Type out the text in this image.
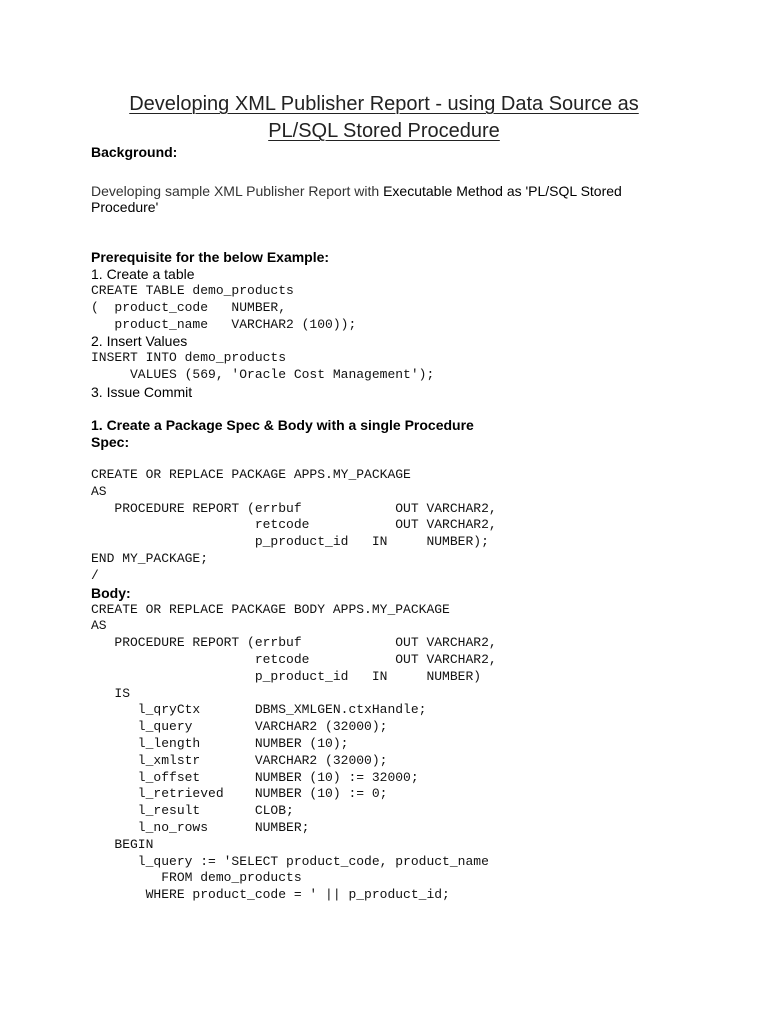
Developing XML Publisher Report - using Data Source as
PL/SQL Stored Procedure

Background:

Developing sample XML Publisher Report with Executable Method as 'PL/SQL Stored
Procedure'

Prerequisite for the below Example:

1. Create a table

CREATE TABLE demo_products
(  product_code   NUMBER,
product_name   VARCHAR2 (100));

2. Insert Values

INSERT INTO demo_products
VALUES (569, 'Oracle Cost Management');

3. Issue Commit

1. Create a Package Spec & Body with a single Procedure
Spec:

CREATE OR REPLACE PACKAGE APPS.MY_PACKAGE
AS
PROCEDURE REPORT (errbuf            OUT VARCHAR2,
retcode           OUT VARCHAR2,
p_product_id   IN     NUMBER);
END MY_PACKAGE;
/

Body:

CREATE OR REPLACE PACKAGE BODY APPS.MY_PACKAGE
AS
PROCEDURE REPORT (errbuf            OUT VARCHAR2,
retcode           OUT VARCHAR2,
p_product_id   IN     NUMBER)
IS
l_qryCtx       DBMS_XMLGEN.ctxHandle;
l_query        VARCHAR2 (32000);
l_length       NUMBER (10);
l_xmlstr       VARCHAR2 (32000);
l_offset       NUMBER (10) := 32000;
l_retrieved    NUMBER (10) := 0;
l_result       CLOB;
l_no_rows      NUMBER;
BEGIN
l_query := 'SELECT product_code, product_name
FROM demo_products
WHERE product_code = ' || p_product_id;
